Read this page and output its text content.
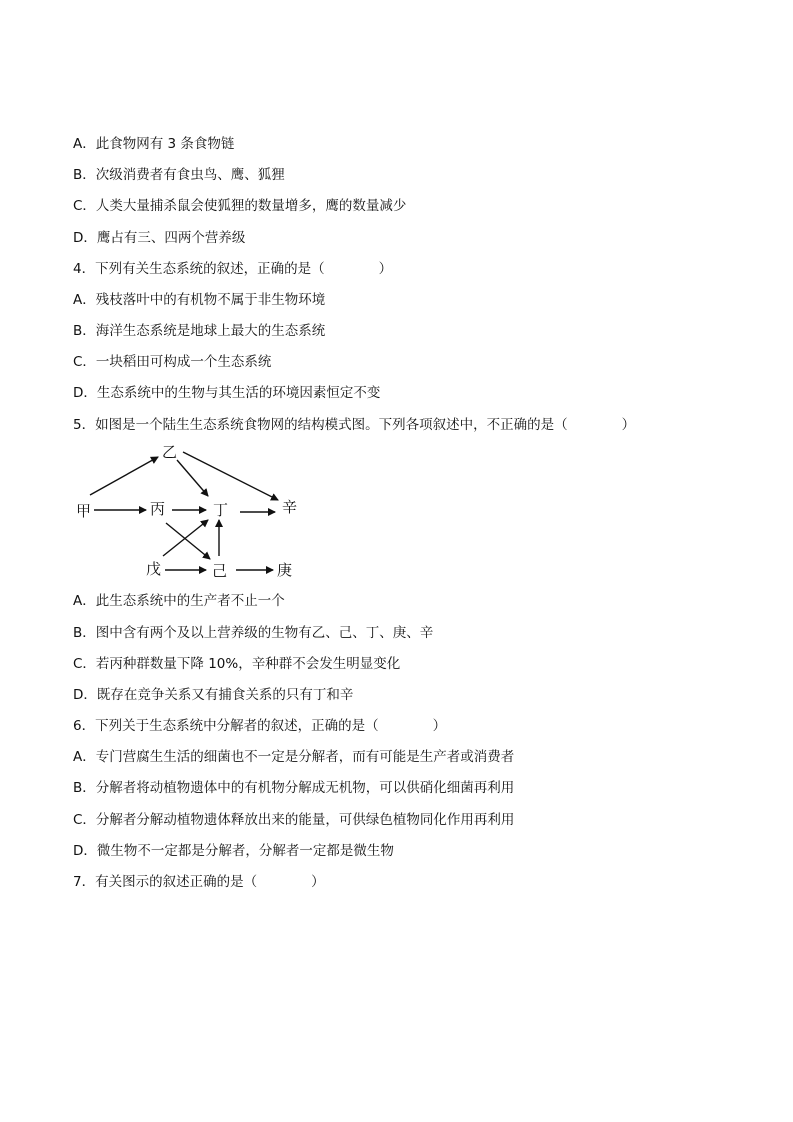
A．此食物网有 3 条食物链
B．次级消费者有食虫鸟、鹰、狐狸
C．人类大量捕杀鼠会使狐狸的数量增多，鹰的数量减少
D．鹰占有三、四两个营养级
4．下列有关生态系统的叙述，正确的是（　　　　）
A．残枝落叶中的有机物不属于非生物环境
B．海洋生态系统是地球上最大的生态系统
C．一块稻田可构成一个生态系统
D．生态系统中的生物与其生活的环境因素恒定不变
5．如图是一个陆生生态系统食物网的结构模式图。下列各项叙述中，不正确的是（　　　　）
乙
甲	丙	丁	辛
戊	己	庚
A．此生态系统中的生产者不止一个
B．图中含有两个及以上营养级的生物有乙、己、丁、庚、辛
C．若丙种群数量下降 10%，辛种群不会发生明显变化
D．既存在竞争关系又有捕食关系的只有丁和辛
6．下列关于生态系统中分解者的叙述，正确的是（　　　　）
A．专门营腐生生活的细菌也不一定是分解者，而有可能是生产者或消费者
B．分解者将动植物遗体中的有机物分解成无机物，可以供硝化细菌再利用
C．分解者分解动植物遗体释放出来的能量，可供绿色植物同化作用再利用
D．微生物不一定都是分解者，分解者一定都是微生物
7．有关图示的叙述正确的是（　　　　）
